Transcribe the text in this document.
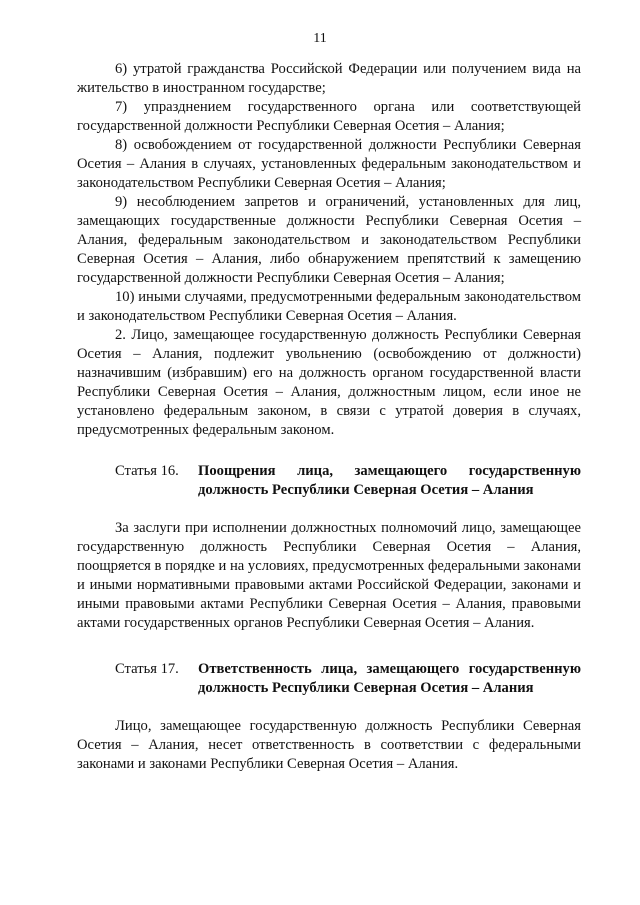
11

6) утратой гражданства Российской Федерации или получением вида на жительство в иностранном государстве;

7) упразднением государственного органа или соответствующей государственной должности Республики Северная Осетия – Алания;

8) освобождением от государственной должности Республики Северная Осетия – Алания в случаях, установленных федеральным законодательством и законодательством Республики Северная Осетия – Алания;

9) несоблюдением запретов и ограничений, установленных для лиц, замещающих государственные должности Республики Северная Осетия – Алания, федеральным законодательством и законодательством Республики Северная Осетия – Алания, либо обнаружением препятствий к замещению государственной должности Республики Северная Осетия – Алания;

10) иными случаями, предусмотренными федеральным законодательством и законодательством Республики Северная Осетия – Алания.

2. Лицо, замещающее государственную должность Республики Северная Осетия – Алания, подлежит увольнению (освобождению от должности) назначившим (избравшим) его на должность органом государственной власти Республики Северная Осетия – Алания, должностным лицом, если иное не установлено федеральным законом, в связи с утратой доверия в случаях, предусмотренных федеральным законом.

Статья 16.	Поощрения лица, замещающего государственную должность Республики Северная Осетия – Алания

За заслуги при исполнении должностных полномочий лицо, замещающее государственную должность Республики Северная Осетия – Алания, поощряется в порядке и на условиях, предусмотренных федеральными законами и иными нормативными правовыми актами Российской Федерации, законами и иными правовыми актами Республики Северная Осетия – Алания, правовыми актами государственных органов Республики Северная Осетия – Алания.

Статья 17.	Ответственность лица, замещающего государственную должность Республики Северная Осетия – Алания

Лицо, замещающее государственную должность Республики Северная Осетия – Алания, несет ответственность в соответствии с федеральными законами и законами Республики Северная Осетия – Алания.
